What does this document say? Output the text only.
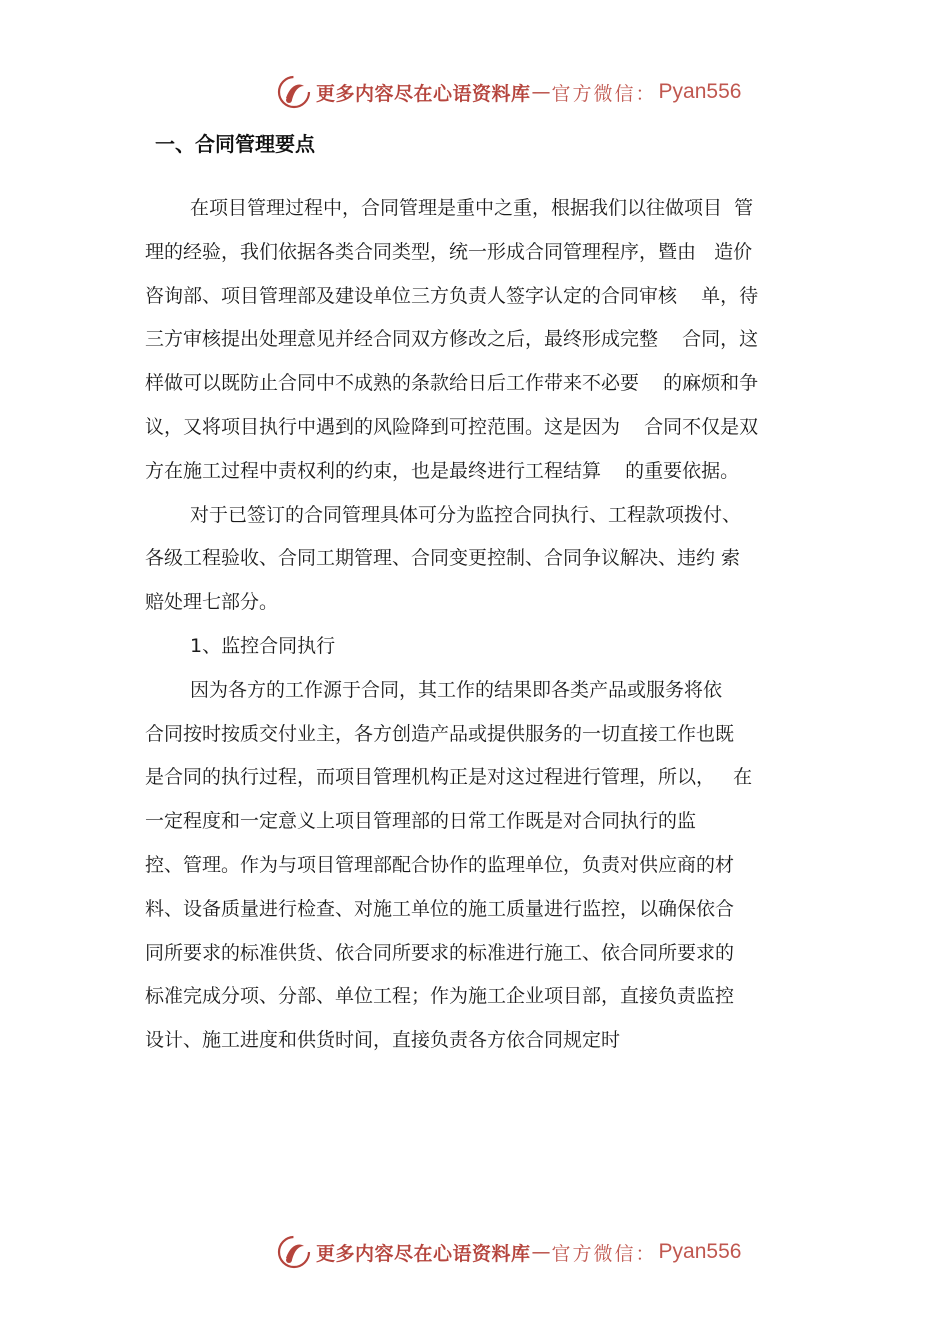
更多内容尽在心语资料库 — 官方微信： Pyan556
一、合同管理要点
在项目管理过程中，合同管理是重中之重，根据我们以往做项目  管
理的经验，我们依据各类合同类型，统一形成合同管理程序，暨由   造价
咨询部、项目管理部及建设单位三方负责人签字认定的合同审核    单，待
三方审核提出处理意见并经合同双方修改之后，最终形成完整    合同，这
样做可以既防止合同中不成熟的条款给日后工作带来不必要    的麻烦和争
议，又将项目执行中遇到的风险降到可控范围。这是因为    合同不仅是双
方在施工过程中责权利的约束，也是最终进行工程结算    的重要依据。
对于已签订的合同管理具体可分为监控合同执行、工程款项拨付、
各级工程验收、合同工期管理、合同变更控制、合同争议解决、违约 索
赔处理七部分。
1、监控合同执行
因为各方的工作源于合同，其工作的结果即各类产品或服务将依
合同按时按质交付业主，各方创造产品或提供服务的一切直接工作也既
是合同的执行过程，而项目管理机构正是对这过程进行管理，所以，   在
一定程度和一定意义上项目管理部的日常工作既是对合同执行的监
控、管理。作为与项目管理部配合协作的监理单位，负责对供应商的材
料、设备质量进行检查、对施工单位的施工质量进行监控，以确保依合
同所要求的标准供货、依合同所要求的标准进行施工、依合同所要求的
标准完成分项、分部、单位工程；作为施工企业项目部，直接负责监控
设计、施工进度和供货时间，直接负责各方依合同规定时
更多内容尽在心语资料库 — 官方微信： Pyan556
